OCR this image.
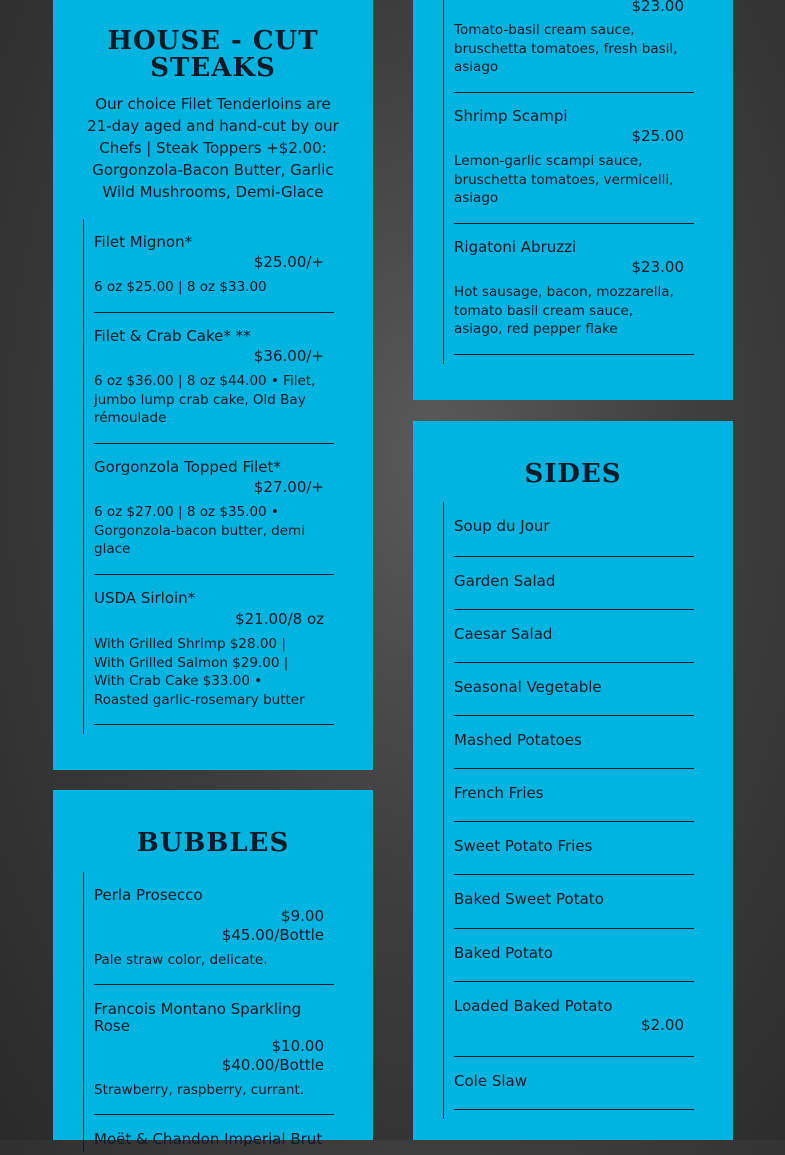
HOUSE - CUT STEAKS

Our choice Filet Tenderloins are 21-day aged and hand-cut by our Chefs | Steak Toppers +$2.00: Gorgonzola-Bacon Butter, Garlic Wild Mushrooms, Demi-Glace

Filet Mignon*
$25.00/+
6 oz $25.00 | 8 oz $33.00
Filet & Crab Cake* **
$36.00/+
6 oz $36.00 | 8 oz $44.00 • Filet, jumbo lump crab cake, Old Bay rémoulade
Gorgonzola Topped Filet*
$27.00/+
6 oz $27.00 | 8 oz $35.00 • Gorgonzola-bacon butter, demi glace
USDA Sirloin*
$21.00/8 oz
With Grilled Shrimp $28.00 | With Grilled Salmon $29.00 | With Crab Cake $33.00 • Roasted garlic-rosemary butter
BUBBLES
Perla Prosecco
$9.00
$45.00/Bottle
Pale straw color, delicate.
Francois Montano Sparkling Rose
$10.00
$40.00/Bottle
Strawberry, raspberry, currant.
Moët & Chandon Imperial Brut
$23.00
Tomato-basil cream sauce, bruschetta tomatoes, fresh basil, asiago
Shrimp Scampi
$25.00
Lemon-garlic scampi sauce, bruschetta tomatoes, vermicelli, asiago
Rigatoni Abruzzi
$23.00
Hot sausage, bacon, mozzarella, tomato basil cream sauce, asiago, red pepper flake
SIDES
Soup du Jour
Garden Salad
Caesar Salad
Seasonal Vegetable
Mashed Potatoes
French Fries
Sweet Potato Fries
Baked Sweet Potato
Baked Potato
Loaded Baked Potato
$2.00
Cole Slaw
